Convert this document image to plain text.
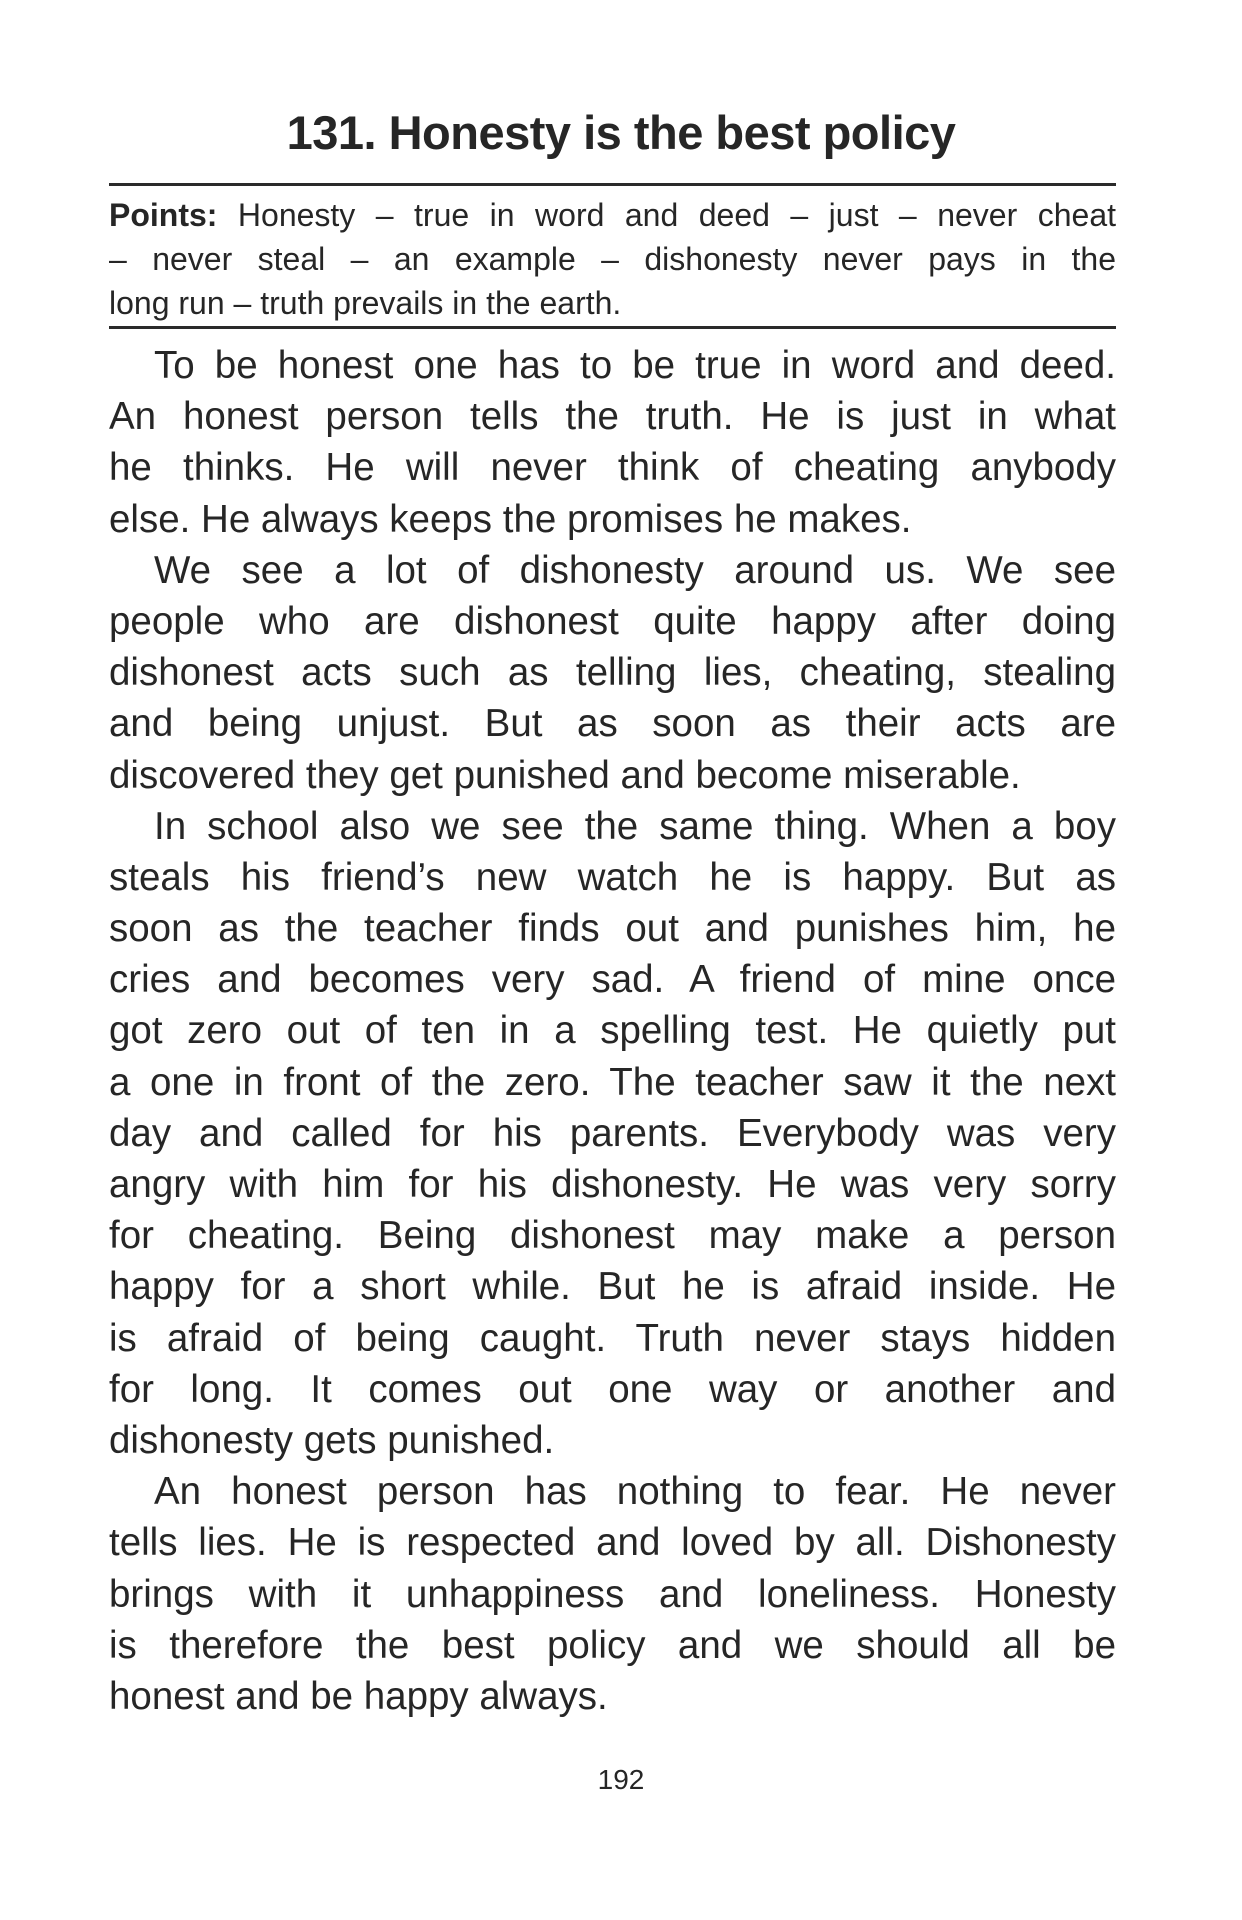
131. Honesty is the best policy
Points: Honesty – true in word and deed – just – never cheat
– never steal – an example – dishonesty never pays in the
long run – truth prevails in the earth.
To be honest one has to be true in word and deed.
An honest person tells the truth. He is just in what
he thinks. He will never think of cheating anybody
else. He always keeps the promises he makes.
We see a lot of dishonesty around us. We see
people who are dishonest quite happy after doing
dishonest acts such as telling lies, cheating, stealing
and being unjust. But as soon as their acts are
discovered they get punished and become miserable.
In school also we see the same thing. When a boy
steals his friend’s new watch he is happy. But as
soon as the teacher finds out and punishes him, he
cries and becomes very sad. A friend of mine once
got zero out of ten in a spelling test. He quietly put
a one in front of the zero. The teacher saw it the next
day and called for his parents. Everybody was very
angry with him for his dishonesty. He was very sorry
for cheating. Being dishonest may make a person
happy for a short while. But he is afraid inside. He
is afraid of being caught. Truth never stays hidden
for long. It comes out one way or another and
dishonesty gets punished.
An honest person has nothing to fear. He never
tells lies. He is respected and loved by all. Dishonesty
brings with it unhappiness and loneliness. Honesty
is therefore the best policy and we should all be
honest and be happy always.
192
